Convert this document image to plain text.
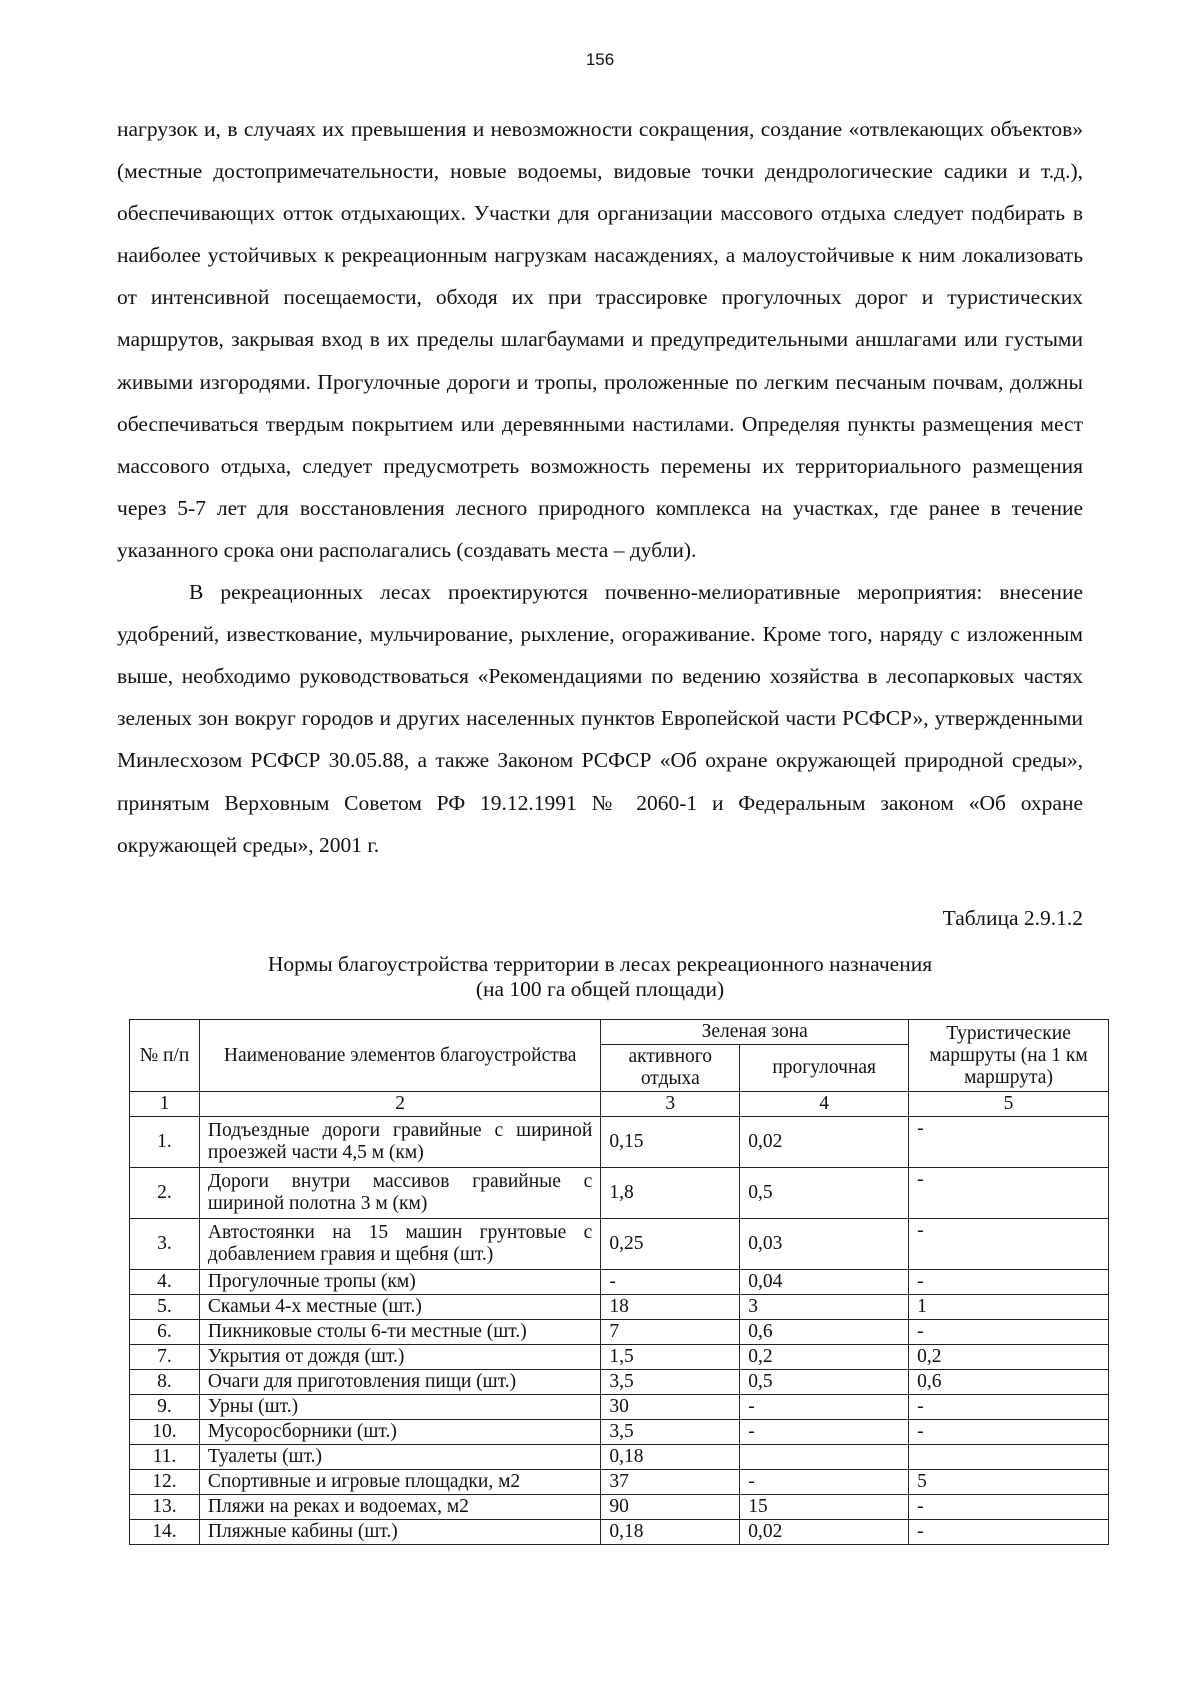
156

нагрузок и, в случаях их превышения и невозможности сокращения, создание «отвлекающих объектов» (местные достопримечательности, новые водоемы, видовые точки дендрологические садики и т.д.), обеспечивающих отток отдыхающих. Участки для организации массового отдыха следует подбирать в наиболее устойчивых к рекреационным нагрузкам насаждениях, а малоустойчивые к ним локализовать от интенсивной посещаемости, обходя их при трассировке прогулочных дорог и туристических маршрутов, закрывая вход в их пределы шлагбаумами и предупредительными аншлагами или густыми живыми изгородями. Прогулочные дороги и тропы, проложенные по легким песчаным почвам, должны обеспечиваться твердым покрытием или деревянными настилами. Определяя пункты размещения мест массового отдыха, следует предусмотреть возможность перемены их территориального размещения через 5-7 лет для восстановления лесного природного комплекса на участках, где ранее в течение указанного срока они располагались (создавать места – дубли).

В рекреационных лесах проектируются почвенно-мелиоративные мероприятия: внесение удобрений, известкование, мульчирование, рыхление, огораживание. Кроме того, наряду с изложенным выше, необходимо руководствоваться «Рекомендациями по ведению хозяйства в лесопарковых частях зеленых зон вокруг городов и других населенных пунктов Европейской части РСФСР», утвержденными Минлесхозом РСФСР 30.05.88, а также Законом РСФСР «Об охране окружающей природной среды», принятым Верховным Советом РФ 19.12.1991 № 2060-1 и Федеральным законом «Об охране окружающей среды», 2001 г.

Таблица 2.9.1.2
Нормы благоустройства территории в лесах рекреационного назначения
(на 100 га общей площади)
№ п/п	Наименование элементов благоустройства	Зеленая зона		Туристические маршруты (на 1 км маршрута)
		активного отдыха	прогулочная	
1	2	3	4	5
1.	Подъездные дороги гравийные с шириной проезжей части 4,5 м (км)	0,15	0,02	-
2.	Дороги внутри массивов гравийные с шириной полотна 3 м (км)	1,8	0,5	-
3.	Автостоянки на 15 машин грунтовые с добавлением гравия и щебня (шт.)	0,25	0,03	-
4.	Прогулочные тропы (км)	-	0,04	-
5.	Скамьи 4-х местные (шт.)	18	3	1
6.	Пикниковые столы 6-ти местные (шт.)	7	0,6	-
7.	Укрытия от дождя (шт.)	1,5	0,2	0,2
8.	Очаги для приготовления пищи (шт.)	3,5	0,5	0,6
9.	Урны (шт.)	30	-	-
10.	Мусоросборники (шт.)	3,5	-	-
11.	Туалеты (шт.)	0,18		
12.	Спортивные и игровые площадки, м2	37	-	5
13.	Пляжи на реках и водоемах, м2	90	15	-
14.	Пляжные кабины (шт.)	0,18	0,02	-
